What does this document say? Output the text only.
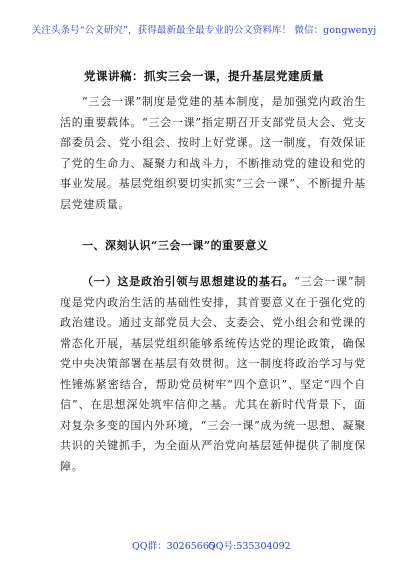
关注头条号“公文研究”，获得最新最全最专业的公文资料库！ 微信：gongwenyj
党课讲稿：抓实三会一课，提升基层党建质量

“三会一课”制度是党建的基本制度，是加强党内政治生活的重要载体。“三会一课”指定期召开支部党员大会、党支部委员会、党小组会、按时上好党课。这一制度，有效保证了党的生命力、凝聚力和战斗力，不断推动党的建设和党的事业发展。基层党组织要切实抓实“三会一课”、不断提升基层党建质量。

一、深刻认识“三会一课”的重要意义

（一）这是政治引领与思想建设的基石。“三会一课”制度是党内政治生活的基础性安排，其首要意义在于强化党的政治建设。通过支部党员大会、支委会、党小组会和党课的常态化开展，基层党组织能够系统传达党的理论政策，确保党中央决策部署在基层有效贯彻。这一制度将政治学习与党性锤炼紧密结合，帮助党员树牢“四个意识”、坚定“四个自信”、在思想深处筑牢信仰之基。尤其在新时代背景下，面对复杂多变的国内外环境，“三会一课”成为统一思想、凝聚共识的关键抓手，为全面从严治党向基层延伸提供了制度保障。

QQ群：30265665
QQ号:535304092
